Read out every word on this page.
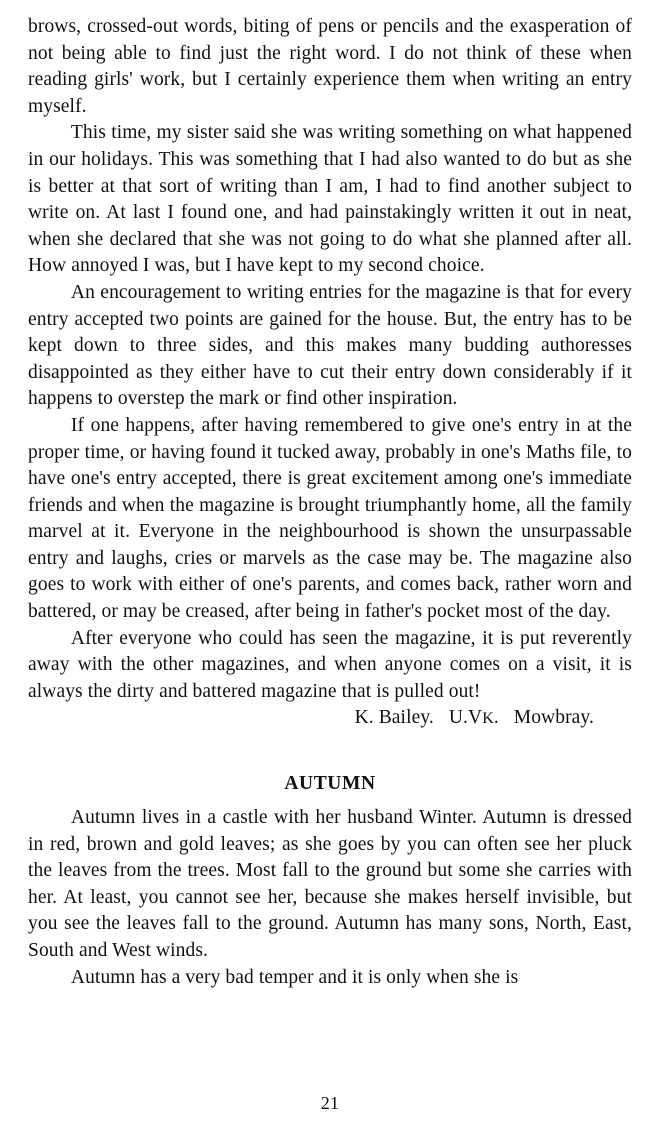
brows, crossed-out words, biting of pens or pencils and the exasperation of not being able to find just the right word. I do not think of these when reading girls' work, but I certainly experience them when writing an entry myself.

This time, my sister said she was writing something on what happened in our holidays. This was something that I had also wanted to do but as she is better at that sort of writing than I am, I had to find another subject to write on. At last I found one, and had painstakingly written it out in neat, when she declared that she was not going to do what she planned after all. How annoyed I was, but I have kept to my second choice.

An encouragement to writing entries for the magazine is that for every entry accepted two points are gained for the house. But, the entry has to be kept down to three sides, and this makes many budding authoresses disappointed as they either have to cut their entry down considerably if it happens to overstep the mark or find other inspiration.

If one happens, after having remembered to give one's entry in at the proper time, or having found it tucked away, probably in one's Maths file, to have one's entry accepted, there is great excitement among one's immediate friends and when the magazine is brought triumphantly home, all the family marvel at it. Everyone in the neighbourhood is shown the unsurpassable entry and laughs, cries or marvels as the case may be. The magazine also goes to work with either of one's parents, and comes back, rather worn and battered, or may be creased, after being in father's pocket most of the day.

After everyone who could has seen the magazine, it is put reverently away with the other magazines, and when anyone comes on a visit, it is always the dirty and battered magazine that is pulled out!

K. Bailey. U.VK. Mowbray.

AUTUMN

Autumn lives in a castle with her husband Winter. Autumn is dressed in red, brown and gold leaves; as she goes by you can often see her pluck the leaves from the trees. Most fall to the ground but some she carries with her. At least, you cannot see her, because she makes herself invisible, but you see the leaves fall to the ground. Autumn has many sons, North, East, South and West winds.

Autumn has a very bad temper and it is only when she is

21
